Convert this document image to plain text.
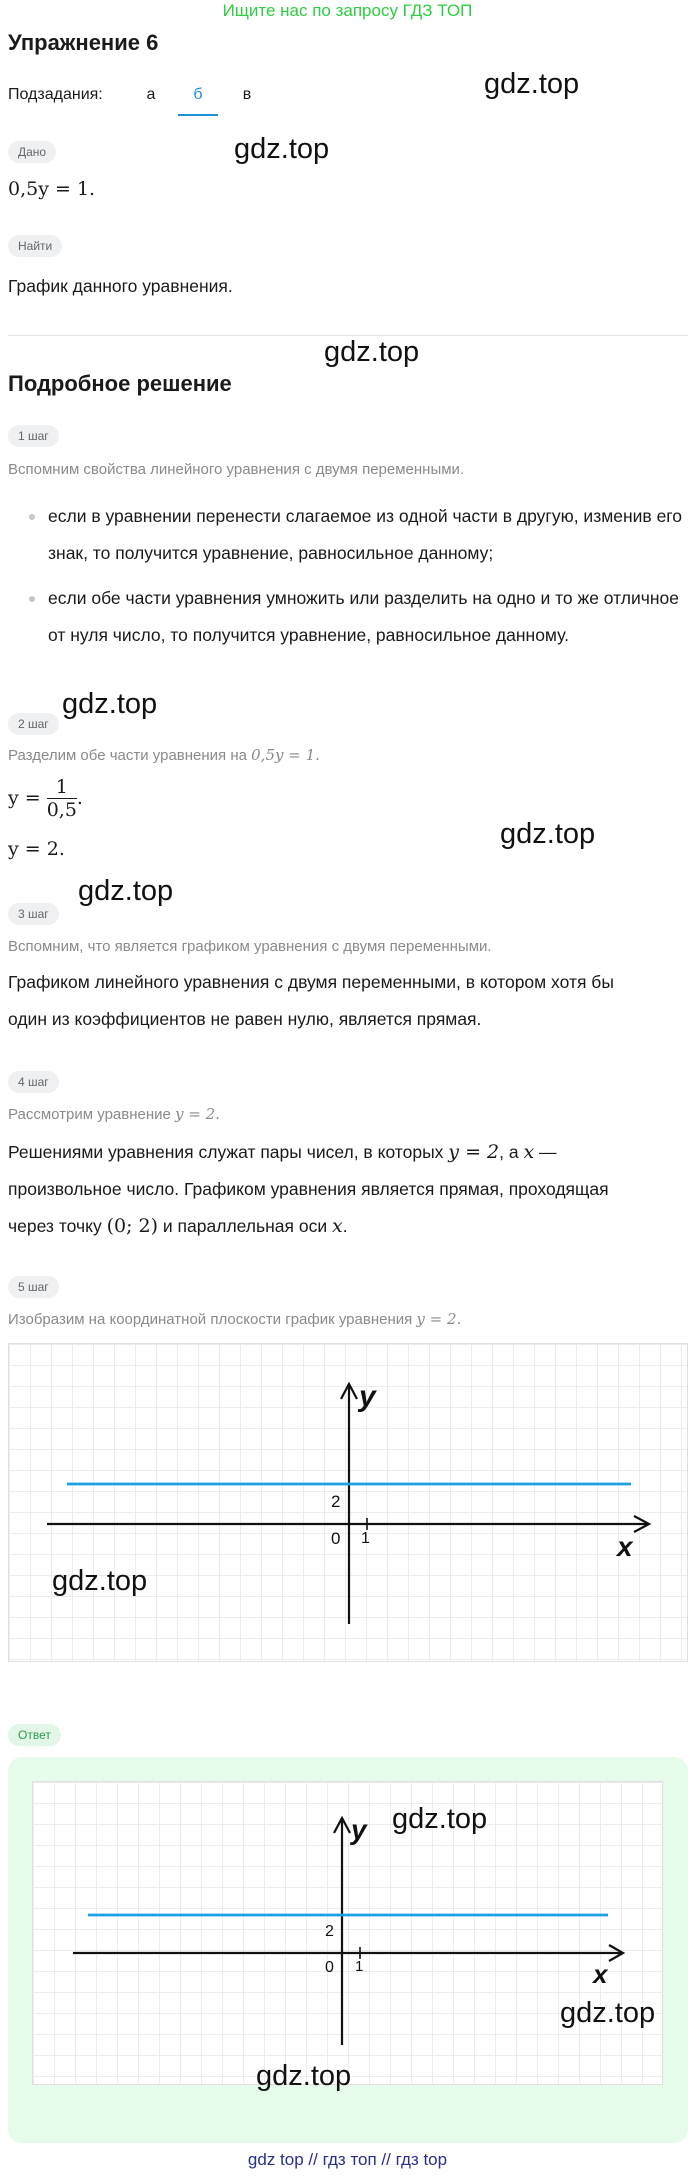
Ищите нас по запросу ГДЗ ТОП
Упражнение 6
Подзадания:	а	б	в	gdz.top
Дано	gdz.top
0,5y = 1.
Найти
График данного уравнения.
gdz.top
Подробное решение
1 шаг
Вспомним свойства линейного уравнения с двумя переменными.
если в уравнении перенести слагаемое из одной части в другую, изменив его знак, то получится уравнение, равносильное данному;
если обе части уравнения умножить или разделить на одно и то же отличное от нуля число, то получится уравнение, равносильное данному.
gdz.top
2 шаг
Разделим обе части уравнения на 0,5y = 1.
$y = \frac{1}{0,5}$ .
y = 2.	gdz.top
gdz.top
3 шаг
Вспомним, что является графиком уравнения с двумя переменными.
Графиком линейного уравнения с двумя переменными, в котором хотя бы
один из коэффициентов не равен нулю, является прямая.
4 шаг
Рассмотрим уравнение y = 2.
Решениями уравнения служат пары чисел, в которых y = 2, а x —
произвольное число. Графиком уравнения является прямая, проходящая
через точку (0; 2) и параллельная оси x.
5 шаг
Изобразим на координатной плоскости график уравнения y = 2.
y
x
0 1
2
gdz.top
Ответ
y
x
0 1
2
gdz.top
gdz.top
gdz.top
gdz top // гдз топ // гдз top
